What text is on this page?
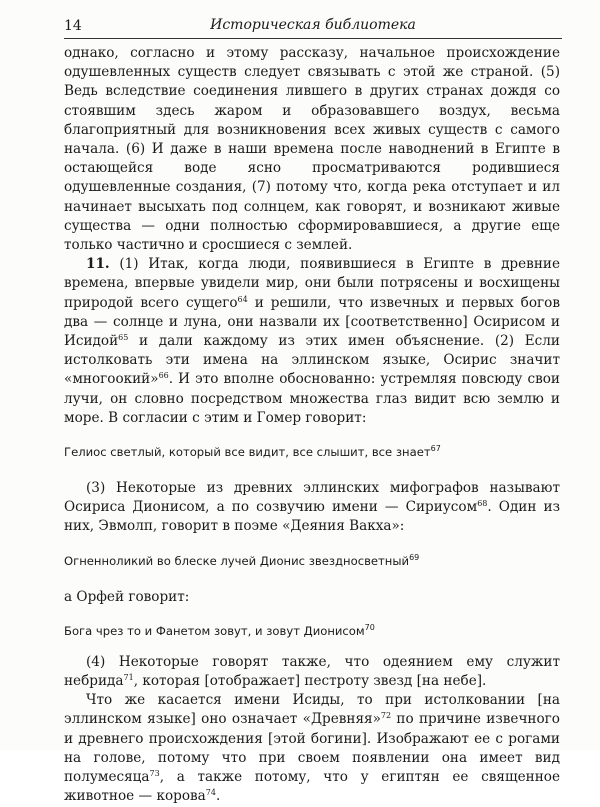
14	Историческая библиотека

однако, согласно и этому рассказу, начальное происхождение одушевленных существ следует связывать с этой же страной. (5) Ведь вследствие соединения лившего в других странах дождя со стоявшим здесь жаром и образовавшего воздух, весьма благоприятный для возникновения всех живых существ с самого начала. (6) И даже в наши времена после наводнений в Египте в остающейся воде ясно просматриваются родившиеся одушевленные создания, (7) потому что, когда река отступает и ил начинает высыхать под солнцем, как говорят, и возникают живые существа — одни полностью сформировавшиеся, а другие еще только частично и сросшиеся с землей.

11. (1) Итак, когда люди, появившиеся в Египте в древние времена, впервые увидели мир, они были потрясены и восхищены природой всего сущего$^{64}$ и решили, что извечных и первых богов два — солнце и луна, они назвали их [соответственно] Осирисом и Исидой$^{65}$ и дали каждому из этих имен объяснение. (2) Если истолковать эти имена на эллинском языке, Осирис значит «многоокий»$^{66}$. И это вполне обоснованно: устремляя повсюду свои лучи, он словно посредством множества глаз видит всю землю и море. В согласии с этим и Гомер говорит:

Гелиос светлый, который все видит, все слышит, все знает$^{67}$

(3) Некоторые из древних эллинских мифографов называют Осириса Дионисом, а по созвучию имени — Сириусом$^{68}$. Один из них, Эвмолп, говорит в поэме «Деяния Вакха»:

Огненноликий во блеске лучей Дионис звездносветный$^{69}$

а Орфей говорит:

Бога чрез то и Фанетом зовут, и зовут Дионисом$^{70}$

(4) Некоторые говорят также, что одеянием ему служит небрида$^{71}$, которая [отображает] пестроту звезд [на небе].

Что же касается имени Исиды, то при истолковании [на эллинском языке] оно означает «Древняя»$^{72}$ по причине извечного и древнего происхождения [этой богини]. Изображают ее с рогами на голове, потому что при своем появлении она имеет вид полумесяца$^{73}$, а также потому, что у египтян ее священное животное — корова$^{74}$.
